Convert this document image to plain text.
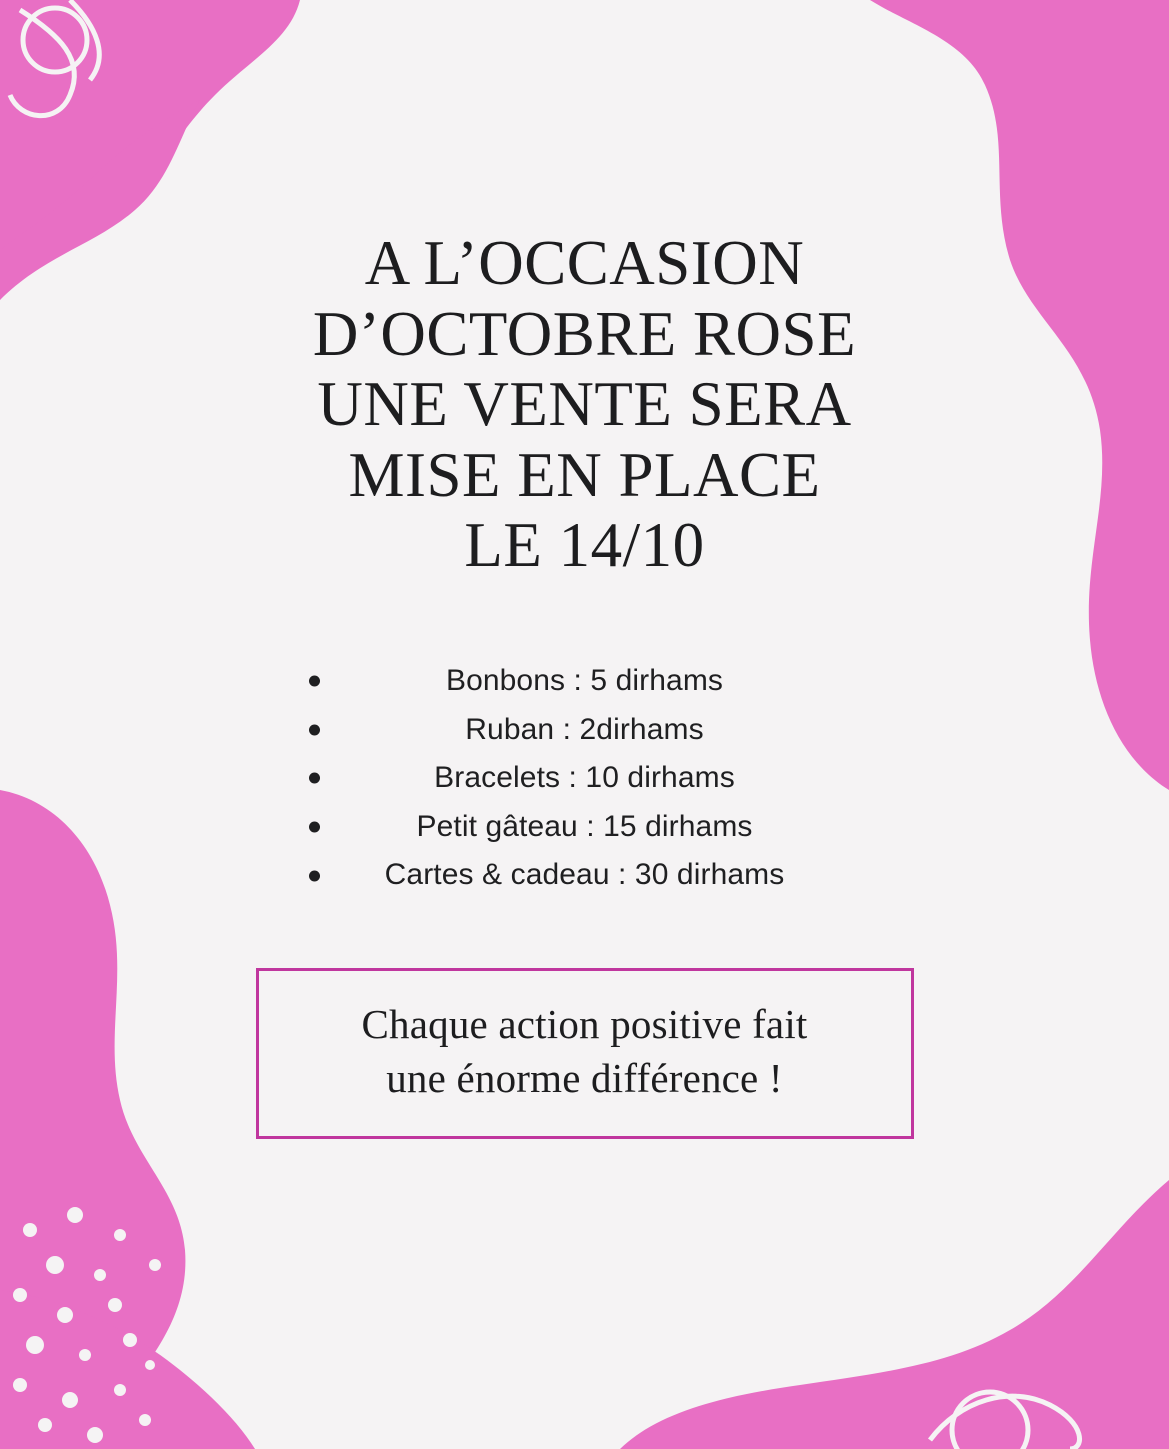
A L’OCCASION
D’OCTOBRE ROSE
UNE VENTE SERA
MISE EN PLACE
LE 14/10
Bonbons : 5 dirhams
Ruban : 2dirhams
Bracelets : 10 dirhams
Petit gâteau : 15 dirhams
Cartes & cadeau : 30 dirhams
Chaque action positive fait
une énorme différence !
